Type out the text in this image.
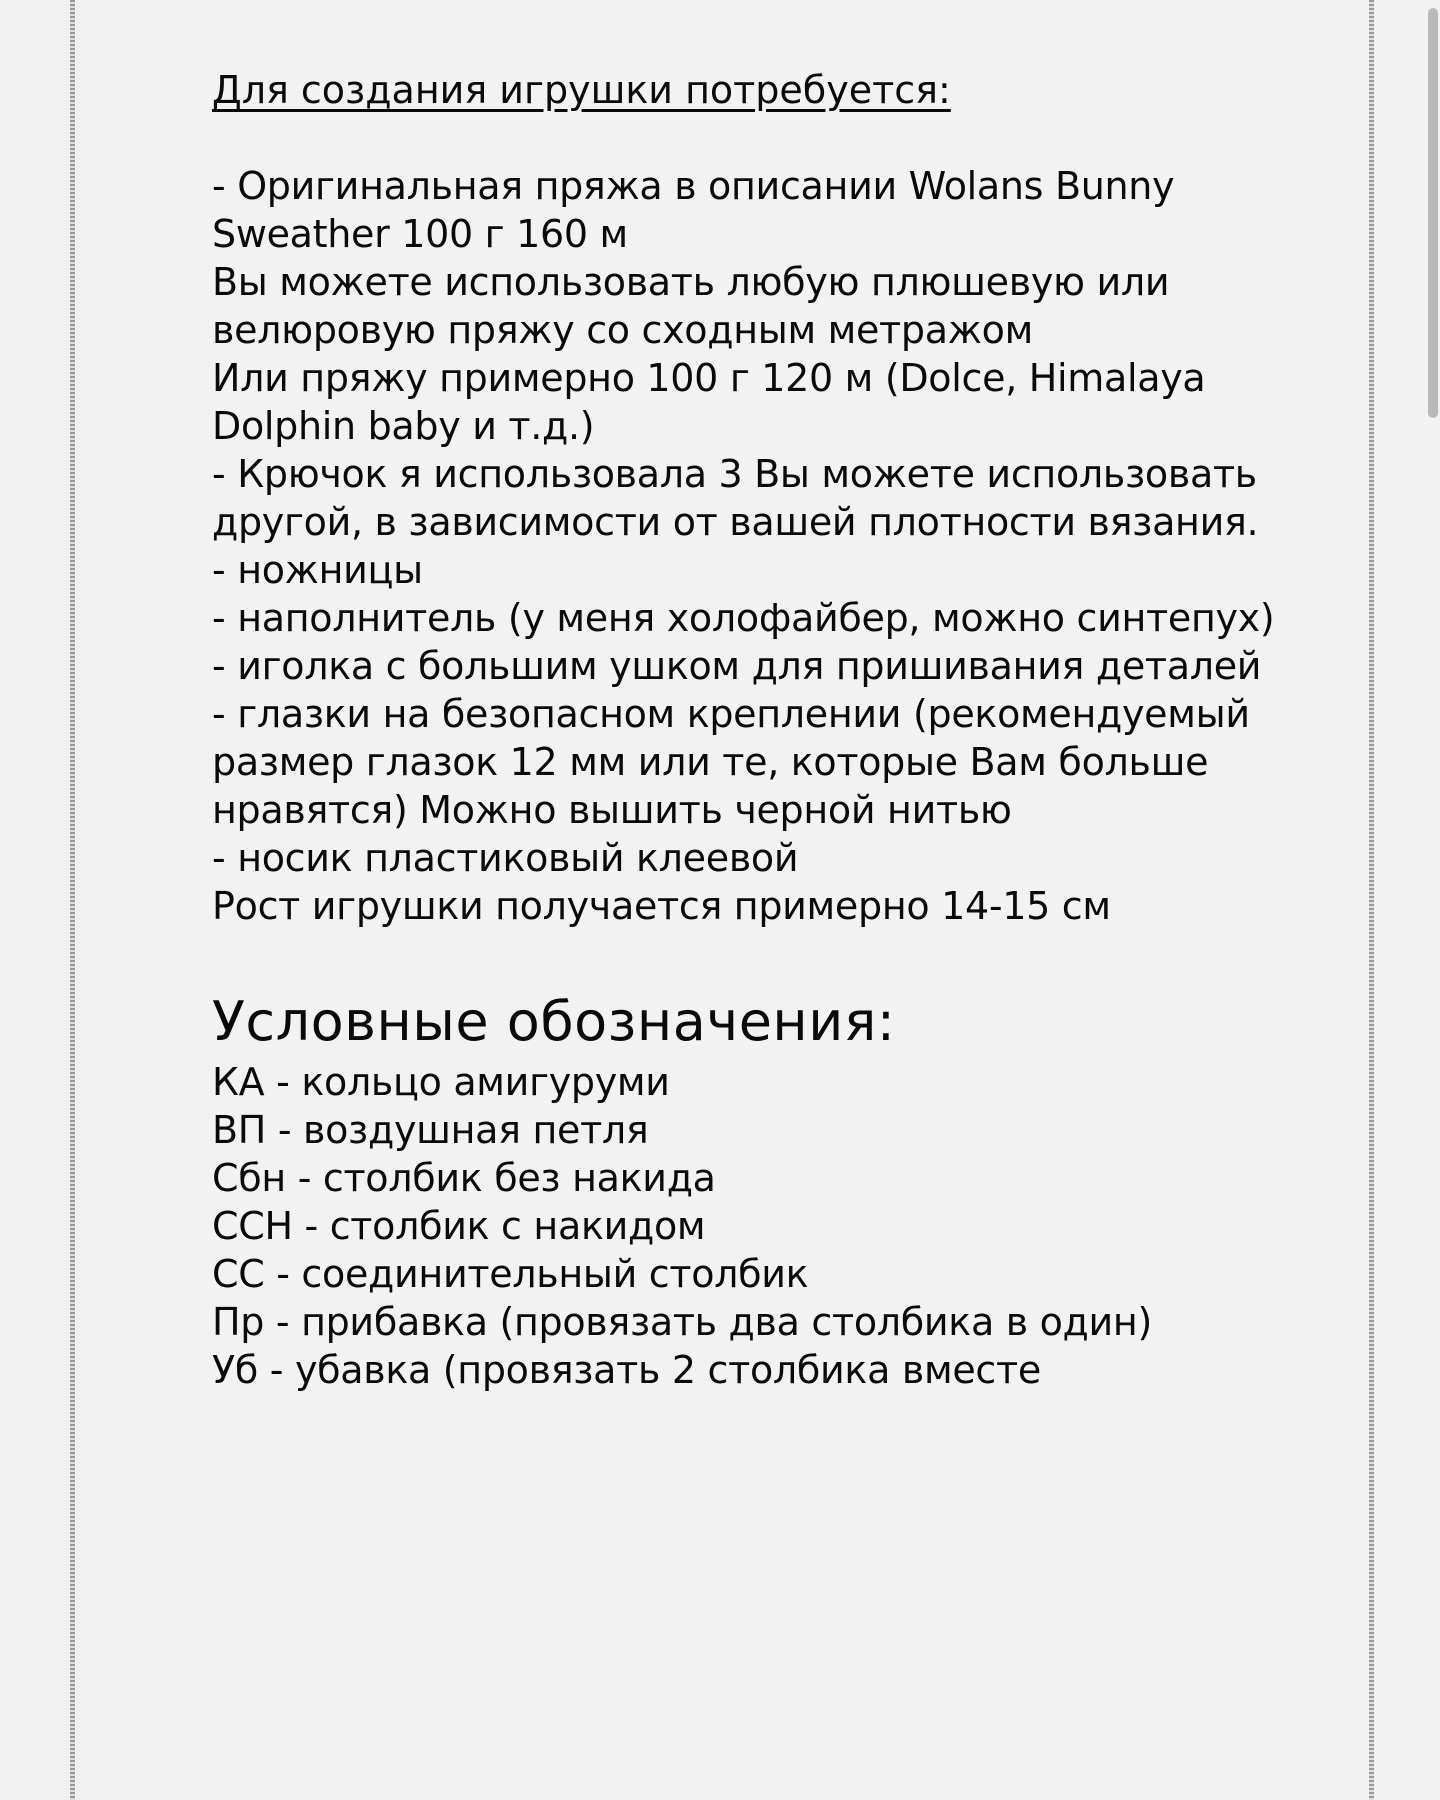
Для создания игрушки потребуется:

- Оригинальная пряжа в описании Wolans Bunny

Sweather 100 г 160 м

Вы можете использовать любую плюшевую или

велюровую пряжу со сходным метражом

Или пряжу примерно 100 г 120 м (Dolce, Himalaya

Dolphin baby и т.д.)

- Крючок я использовала 3 Вы можете использовать

другой, в зависимости от вашей плотности вязания.

- ножницы

- наполнитель (у меня холофайбер, можно синтепух)

- иголка с большим ушком для пришивания деталей

- глазки на безопасном креплении (рекомендуемый

размер глазок 12 мм или те, которые Вам больше

нравятся) Можно вышить черной нитью

- носик пластиковый клеевой

Рост игрушки получается примерно 14-15 см

Условные обозначения:

КА - кольцо амигуруми

ВП - воздушная петля

Сбн - столбик без накида

ССН - столбик с накидом

СС - соединительный столбик

Пр - прибавка (провязать два столбика в один)

Уб - убавка (провязать 2 столбика вместе
